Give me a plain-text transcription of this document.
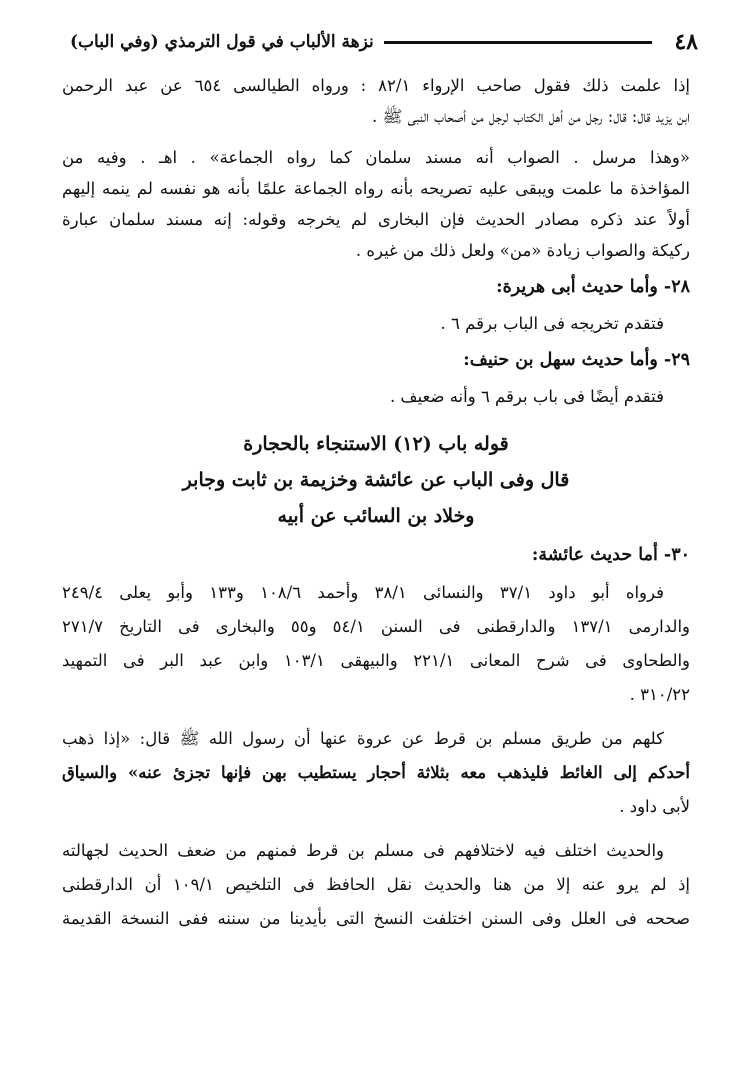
٤٨
نزهة الألباب في قول الترمذي (وفي الباب)
إذا علمت ذلك فقول صاحب الإرواء ٨٢/١ : ورواه الطيالسى ٦٥٤ عن عبد الرحمن
ابن يزيد قال: قال: رجل من أهل الكتاب لرجل من أصحاب النبى ﷺ .
«وهذا مرسل . الصواب أنه مسند سلمان كما رواه الجماعة» . اهـ . وفيه من
المؤاخذة ما علمت ويبقى عليه تصريحه بأنه رواه الجماعة علمًا بأنه هو نفسه لم ينمه إليهم
أولاً عند ذكره مصادر الحديث فإن البخارى لم يخرجه وقوله: إنه مسند سلمان عبارة
ركيكة والصواب زيادة «من» ولعل ذلك من غيره .
٢٨- وأما حديث أبى هريرة:
فتقدم تخريجه فى الباب برقم ٦ .
٢٩- وأما حديث سهل بن حنيف:
فتقدم أيضًا فى باب برقم ٦ وأنه ضعيف .
قوله باب (١٢) الاستنجاء بالحجارة
قال وفى الباب عن عائشة وخزيمة بن ثابت وجابر
وخلاد بن السائب عن أبيه
٣٠- أما حديث عائشة:
فرواه أبو داود ٣٧/١ والنسائى ٣٨/١ وأحمد ١٠٨/٦ و١٣٣ وأبو يعلى ٢٤٩/٤
والدارمى ١٣٧/١ والدارقطنى فى السنن ٥٤/١ و٥٥ والبخارى فى التاريخ ٢٧١/٧
والطحاوى فى شرح المعانى ٢٢١/١ والبيهقى ١٠٣/١ وابن عبد البر فى التمهيد
٣١٠/٢٢ .
كلهم من طريق مسلم بن قرط عن عروة عنها أن رسول الله ﷺ قال: «إذا ذهب
أحدكم إلى الغائط فليذهب معه بثلاثة أحجار يستطيب بهن فإنها تجزئ عنه» والسياق
لأبى داود .
والحديث اختلف فيه لاختلافهم فى مسلم بن قرط فمنهم من ضعف الحديث لجهالته
إذ لم يرو عنه إلا من هنا والحديث نقل الحافظ فى التلخيص ١٠٩/١ أن الدارقطنى
صححه فى العلل وفى السنن اختلفت النسخ التى بأيدينا من سننه ففى النسخة القديمة
